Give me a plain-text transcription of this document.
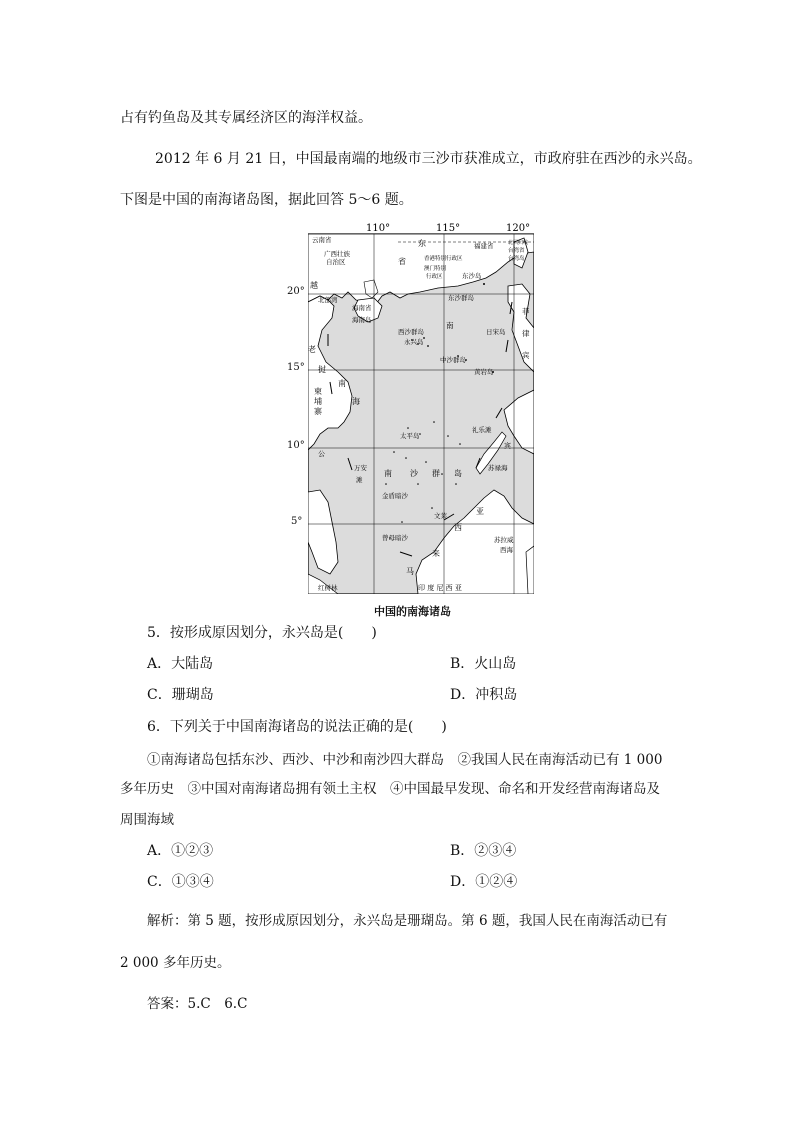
占有钓鱼岛及其专属经济区的海洋权益。
2012 年 6 月 21 日，中国最南端的地级市三沙市获准成立，市政府驻在西沙的永兴岛。
下图是中国的南海诸岛图，据此回答 5～6 题。
110°	115°	120°
云南省
广西壮族
自治区
东
省
福建省	北回归线
台湾省
台湾岛
香港特别行政区
澳门特别
行政区	东沙岛
越
北部湾	东沙群岛
海南省
海南岛
西沙群岛
永兴岛
南
日宋岛
菲
律
宾
老
中沙群岛
黄岩岛
挝
南
柬
埔
寨
海
太平岛
礼乐滩
公
宾
万安
滩
南 沙 群 岛
苏禄海
金盾暗沙
文莱	亚
西
曾母暗沙
来
苏拉威
西海
马
红树林	印 度 尼 西 亚
20°
15°
10°
5°
中国的南海诸岛
5．按形成原因划分，永兴岛是(　　)
A．大陆岛	B．火山岛
C．珊瑚岛	D．冲积岛
6．下列关于中国南海诸岛的说法正确的是(　　)
①南海诸岛包括东沙、西沙、中沙和南沙四大群岛　②我国人民在南海活动已有 1 000
多年历史　③中国对南海诸岛拥有领土主权　④中国最早发现、命名和开发经营南海诸岛及
周围海域
A．①②③	B．②③④
C．①③④	D．①②④
解析：第 5 题，按形成原因划分，永兴岛是珊瑚岛。第 6 题，我国人民在南海活动已有
2 000 多年历史。
答案：5.C　6.C
